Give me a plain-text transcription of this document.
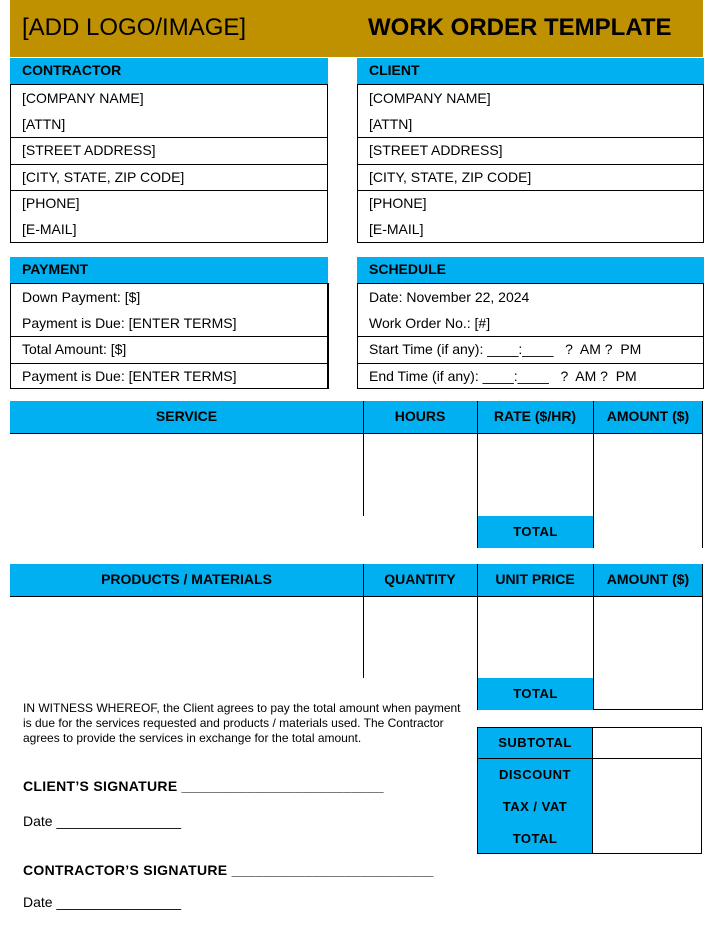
[ADD LOGO/IMAGE]	WORK ORDER TEMPLATE
CONTRACTOR
[COMPANY NAME]
[ATTN]
[STREET ADDRESS]
[CITY, STATE, ZIP CODE]
[PHONE]
[E-MAIL]
CLIENT
[COMPANY NAME]
[ATTN]
[STREET ADDRESS]
[CITY, STATE, ZIP CODE]
[PHONE]
[E-MAIL]
PAYMENT
Down Payment: [$]
Payment is Due: [ENTER TERMS]
Total Amount: [$]
Payment is Due: [ENTER TERMS]
SCHEDULE
Date: November 22, 2024
Work Order No.: [#]
Start Time (if any): ____:____   ?  AM ?  PM
End Time (if any): ____:____   ?  AM ?  PM
SERVICE	HOURS	RATE ($/HR)	AMOUNT ($)
TOTAL
PRODUCTS / MATERIALS	QUANTITY	UNIT PRICE	AMOUNT ($)
TOTAL
IN WITNESS WHEREOF, the Client agrees to pay the total amount when payment is due for the services requested and products / materials used. The Contractor agrees to provide the services in exchange for the total amount.	SUBTOTAL
DISCOUNT
TAX / VAT
TOTAL
CLIENT’S SIGNATURE _________________________
Date ________________
CONTRACTOR’S SIGNATURE _________________________
Date ________________
